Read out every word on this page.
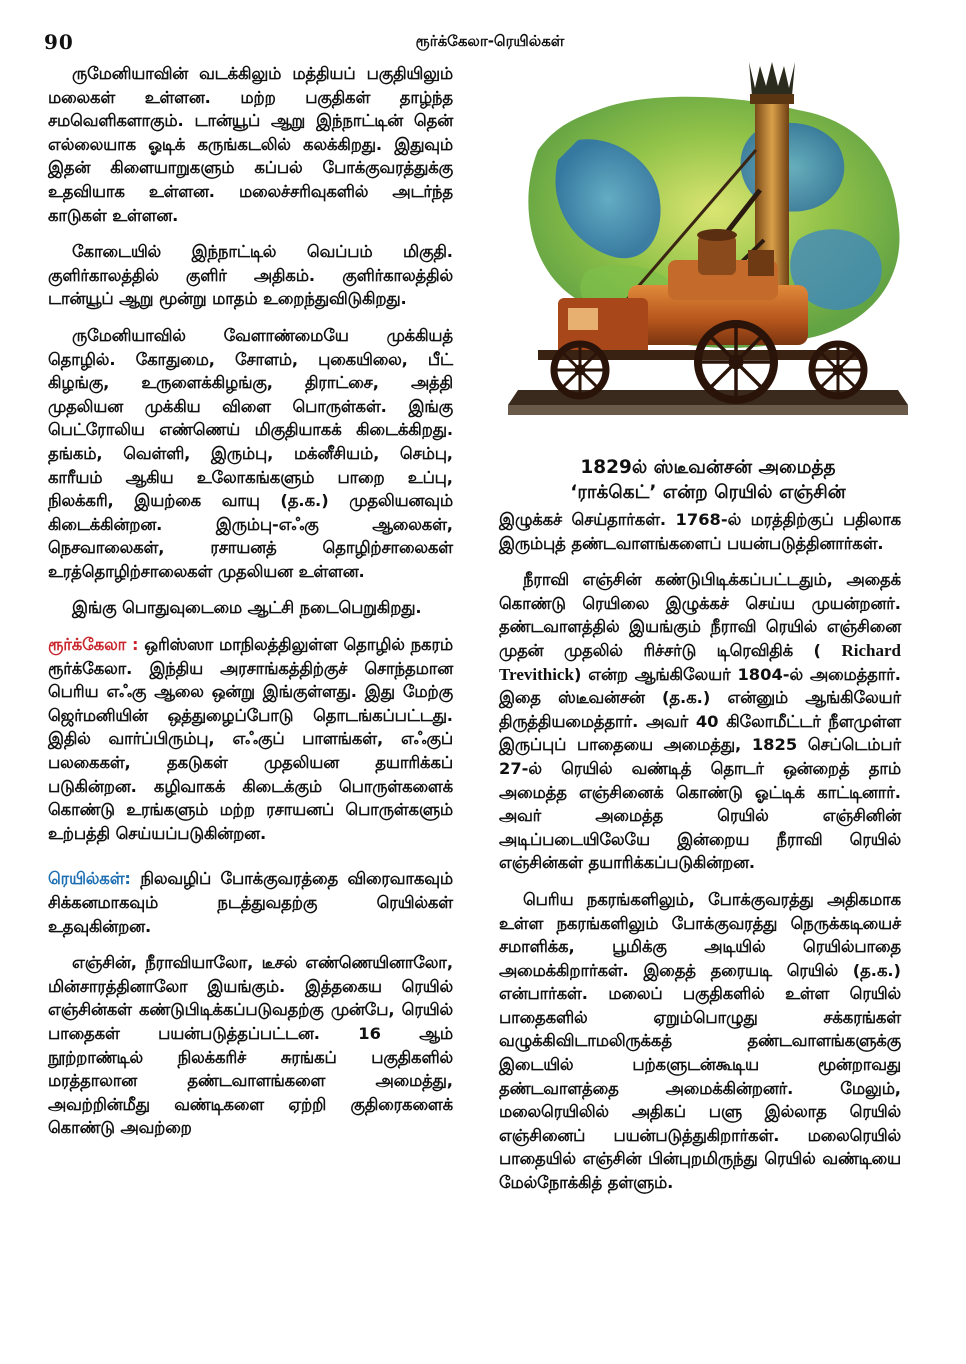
90	ரூர்க்கேலா-ரெயில்கள்

ருமேனியாவின் வடக்கிலும் மத்தியப் பகுதியிலும் மலைகள் உள்ளன. மற்ற பகுதிகள் தாழ்ந்த சமவெளிகளாகும். டான்யூப் ஆறு இந்நாட்டின் தென் எல்லையாக ஓடிக் கருங்கடலில் கலக்கிறது. இதுவும் இதன் கிளையாறுகளும் கப்பல் போக்குவரத்துக்கு உதவியாக உள்ளன. மலைச்சரிவுகளில் அடர்ந்த காடுகள் உள்ளன.

கோடையில் இந்நாட்டில் வெப்பம் மிகுதி. குளிர்காலத்தில் குளிர் அதிகம். குளிர்காலத்தில் டான்யூப் ஆறு மூன்று மாதம் உறைந்துவிடுகிறது.

ருமேனியாவில் வேளாண்மையே முக்கியத் தொழில். கோதுமை, சோளம், புகையிலை, பீட் கிழங்கு, உருளைக்கிழங்கு, திராட்சை, அத்தி முதலியன முக்கிய விளை பொருள்கள். இங்கு பெட்ரோலிய எண்ணெய் மிகுதியாகக் கிடைக்கிறது. தங்கம், வெள்ளி, இரும்பு, மக்னீசியம், செம்பு, காரீயம் ஆகிய உலோகங்களும் பாறை உப்பு, நிலக்கரி, இயற்கை வாயு (த.க.) முதலியனவும் கிடைக்கின்றன. இரும்பு-எஃகு ஆலைகள், நெசவாலைகள், ரசாயனத் தொழிற்சாலைகள் உரத்தொழிற்சாலைகள் முதலியன உள்ளன.

இங்கு பொதுவுடைமை ஆட்சி நடைபெறுகிறது.

ரூர்க்கேலா : ஒரிஸ்ஸா மாநிலத்திலுள்ள தொழில் நகரம் ரூர்க்கேலா. இந்திய அரசாங்கத்திற்குச் சொந்தமான பெரிய எஃகு ஆலை ஒன்று இங்குள்ளது. இது மேற்கு ஜெர்மனியின் ஒத்துழைப்போடு தொடங்கப்பட்டது. இதில் வார்ப்பிரும்பு, எஃகுப் பாளங்கள், எஃகுப் பலகைகள், தகடுகள் முதலியன தயாரிக்கப் படுகின்றன. கழிவாகக் கிடைக்கும் பொருள்களைக் கொண்டு உரங்களும் மற்ற ரசாயனப் பொருள்களும் உற்பத்தி செய்யப்படுகின்றன.

ரெயில்கள்: நிலவழிப் போக்குவரத்தை விரைவாகவும் சிக்கனமாகவும் நடத்துவதற்கு ரெயில்கள் உதவுகின்றன.

எஞ்சின், நீராவியாலோ, டீசல் எண்ணெயினாலோ, மின்சாரத்தினாலோ இயங்கும். இத்தகைய ரெயில் எஞ்சின்கள் கண்டுபிடிக்கப்படுவதற்கு முன்பே, ரெயில் பாதைகள் பயன்படுத்தப்பட்டன. 16 ஆம் நூற்றாண்டில் நிலக்கரிச் சுரங்கப் பகுதிகளில் மரத்தாலான தண்டவாளங்களை அமைத்து, அவற்றின்மீது வண்டிகளை ஏற்றி குதிரைகளைக் கொண்டு அவற்றை

1829ல் ஸ்டீவன்சன் அமைத்த
‘ராக்கெட்’ என்ற ரெயில் எஞ்சின்

இழுக்கச் செய்தார்கள். 1768-ல் மரத்திற்குப் பதிலாக இரும்புத் தண்டவாளங்களைப் பயன்படுத்தினார்கள்.

நீராவி எஞ்சின் கண்டுபிடிக்கப்பட்டதும், அதைக் கொண்டு ரெயிலை இழுக்கச் செய்ய முயன்றனர். தண்டவாளத்தில் இயங்கும் நீராவி ரெயில் எஞ்சினை முதன் முதலில் ரிச்சர்டு டிரெவிதிக் ( Richard Trevithick) என்ற ஆங்கிலேயர் 1804-ல் அமைத்தார். இதை ஸ்டீவன்சன் (த.க.) என்னும் ஆங்கிலேயர் திருத்தியமைத்தார். அவர் 40 கிலோமீட்டர் நீளமுள்ள இருப்புப் பாதையை அமைத்து, 1825 செப்டெம்பர் 27-ல் ரெயில் வண்டித் தொடர் ஒன்றைத் தாம் அமைத்த எஞ்சினைக் கொண்டு ஓட்டிக் காட்டினார். அவர் அமைத்த ரெயில் எஞ்சினின் அடிப்படையிலேயே இன்றைய நீராவி ரெயில் எஞ்சின்கள் தயாரிக்கப்படுகின்றன.

பெரிய நகரங்களிலும், போக்குவரத்து அதிகமாக உள்ள நகரங்களிலும் போக்குவரத்து நெருக்கடியைச் சமாளிக்க, பூமிக்கு அடியில் ரெயில்பாதை அமைக்கிறார்கள். இதைத் தரையடி ரெயில் (த.க.) என்பார்கள். மலைப் பகுதிகளில் உள்ள ரெயில் பாதைகளில் ஏறும்பொழுது சக்கரங்கள் வழுக்கிவிடாமலிருக்கத் தண்டவாளங்களுக்கு இடையில் பற்களுடன்கூடிய மூன்றாவது தண்டவாளத்தை அமைக்கின்றனர். மேலும், மலைரெயிலில் அதிகப் பளு இல்லாத ரெயில் எஞ்சினைப் பயன்படுத்துகிறார்கள். மலைரெயில் பாதையில் எஞ்சின் பின்புறமிருந்து ரெயில் வண்டியை மேல்நோக்கித் தள்ளும்.
